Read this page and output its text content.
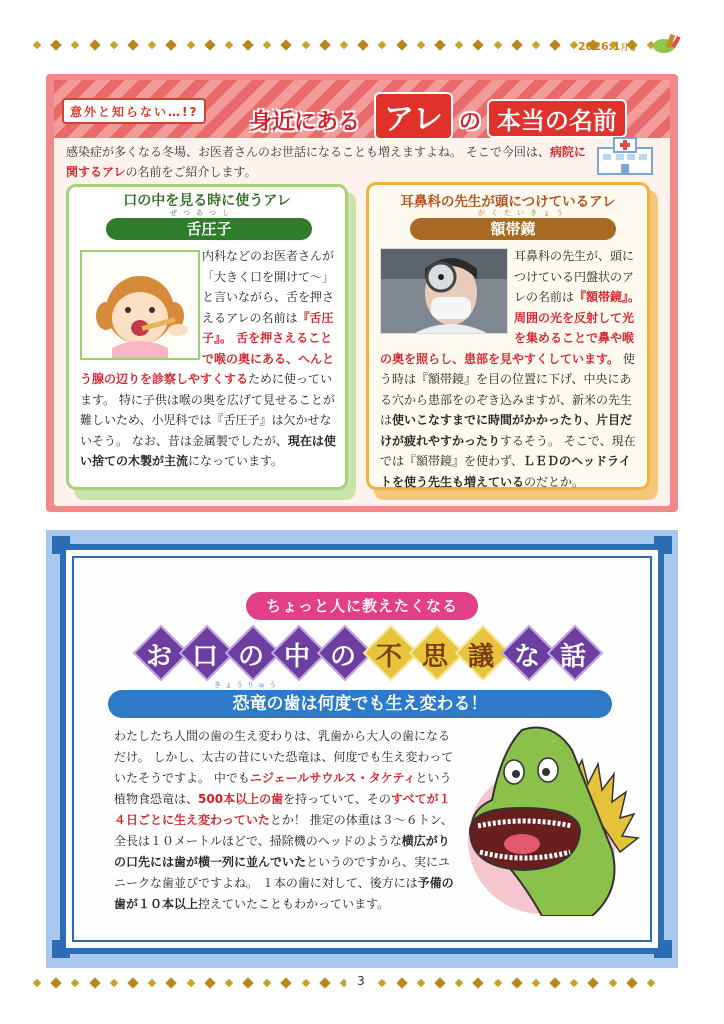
2026.1月号
意外と知らない…!?	身近にある アレ の 本当の名前
感染症が多くなる冬場、お医者さんのお世話になることも増えますよね。 そこで今回は、病院に関するアレの名前をご紹介します。
口の中を見る時に使うアレ
ぜつあつし
舌圧子
内科などのお医者さんが「大きく口を開けて～」と言いながら、舌を押さえるアレの名前は『舌圧子』。 舌を押さえることで喉の奥にある、へんとう腺の辺りを診察しやすくするために使っています。 特に子供は喉の奥を広げて見せることが難しいため、小児科では『舌圧子』は欠かせないそう。 なお、昔は金属製でしたが、現在は使い捨ての木製が主流になっています。
耳鼻科の先生が頭につけているアレ
がくたいきょう
額帯鏡
耳鼻科の先生が、頭につけている円盤状のアレの名前は『額帯鏡』。 周囲の光を反射して光を集めることで鼻や喉の奥を照らし、患部を見やすくしています。 使う時は『額帯鏡』を目の位置に下げ、中央にある穴から患部をのぞき込みますが、新米の先生は使いこなすまでに時間がかかったり、片目だけが疲れやすかったりするそう。 そこで、現在では『額帯鏡』を使わず、ＬＥＤのヘッドライトを使う先生も増えているのだとか。
ちょっと人に教えたくなる
お 口 の 中 の 不 思 議 な 話
きょうりゅう
恐竜の歯は何度でも生え変わる！
わたしたち人間の歯の生え変わりは、乳歯から大人の歯になるだけ。 しかし、太古の昔にいた恐竜は、何度でも生え変わっていたそうですよ。 中でもニジェールサウルス・タケティという植物食恐竜は、500本以上の歯を持っていて、そのすべてが１４日ごとに生え変わっていたとか！ 推定の体重は３～６トン、全長は１０メートルほどで、掃除機のヘッドのような横広がりの口先には歯が横一列に並んでいたというのですから、実にユニークな歯並びですよね。 １本の歯に対して、後方には予備の歯が１０本以上控えていたこともわかっています。
3
